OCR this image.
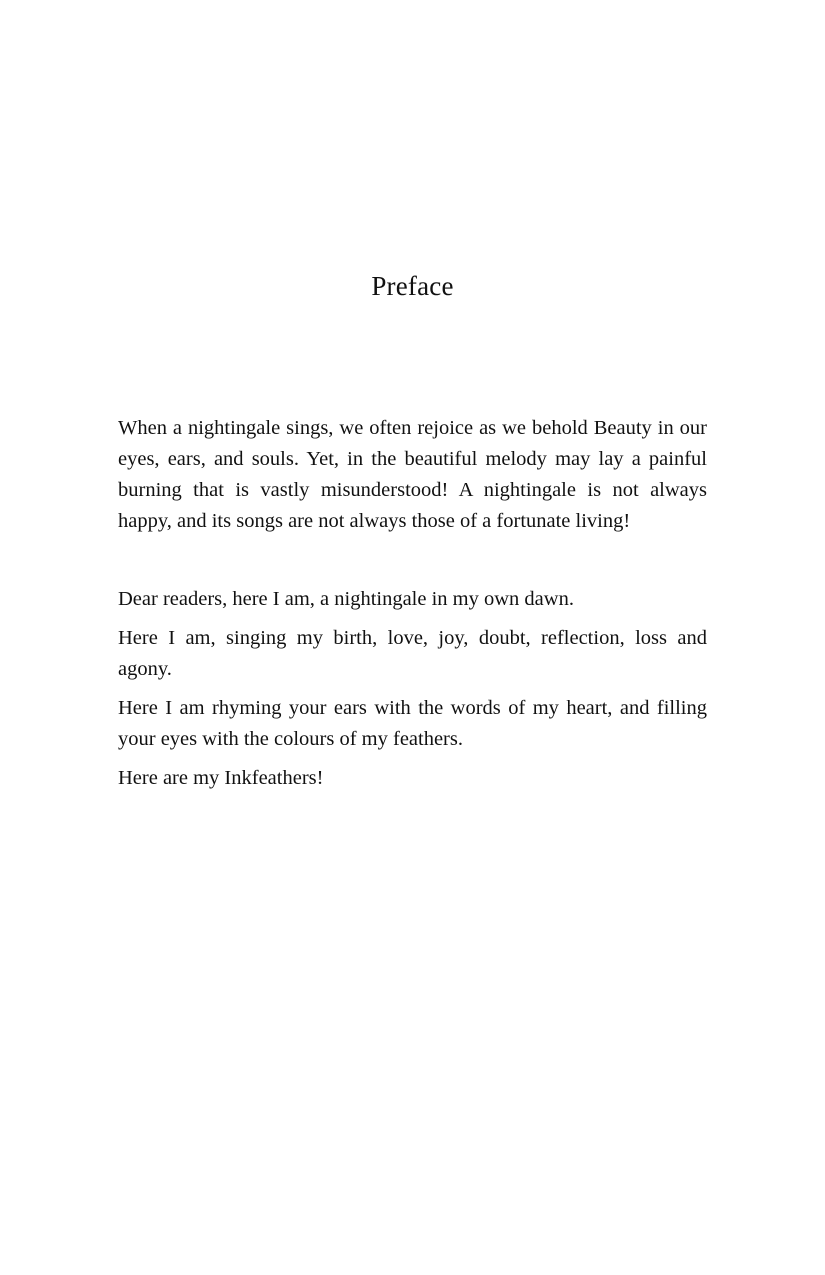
Preface

When a nightingale sings, we often rejoice as we behold Beauty in our eyes, ears, and souls. Yet, in the beautiful melody may lay a painful burning that is vastly misunderstood! A nightingale is not always happy, and its songs are not always those of a fortunate living!

Dear readers, here I am, a nightingale in my own dawn.

Here I am, singing my birth, love, joy, doubt, reflection, loss and agony.

Here I am rhyming your ears with the words of my heart, and filling your eyes with the colours of my feathers.

Here are my Inkfeathers!
